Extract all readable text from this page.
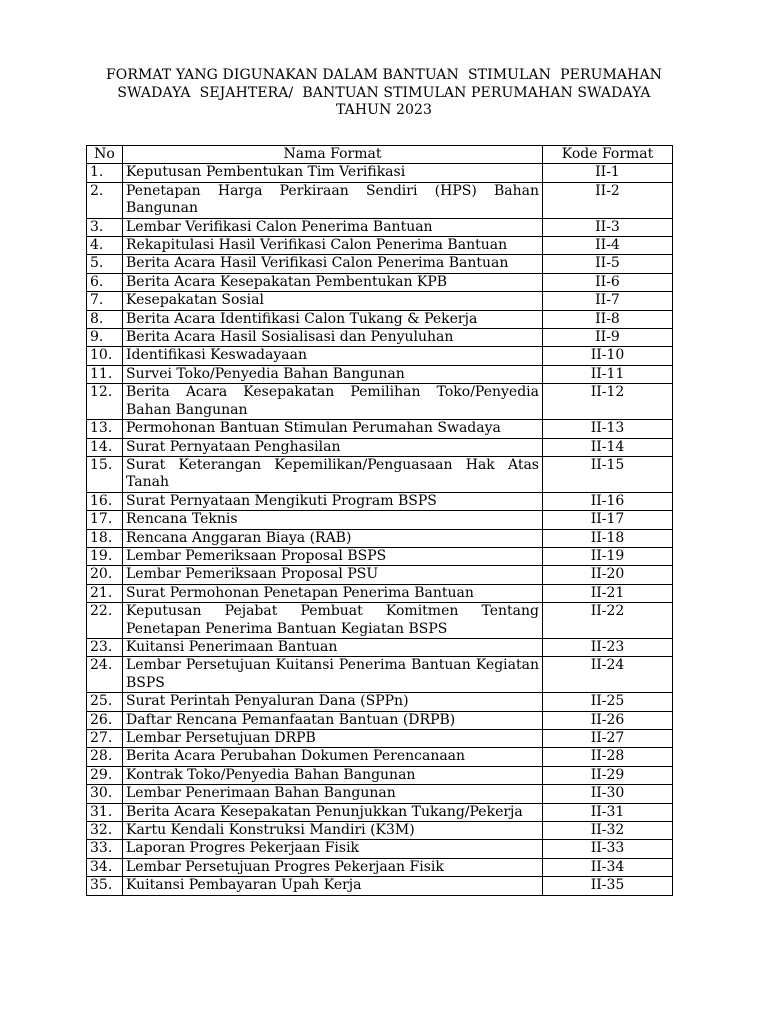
FORMAT YANG DIGUNAKAN DALAM BANTUAN  STIMULAN  PERUMAHAN
SWADAYA  SEJAHTERA/  BANTUAN STIMULAN PERUMAHAN SWADAYA
TAHUN 2023
No	Nama Format	Kode Format
1.	Keputusan Pembentukan Tim Verifikasi	II-1
2.	Penetapan Harga Perkiraan Sendiri (HPS) Bahan Bangunan	II-2
3.	Lembar Verifikasi Calon Penerima Bantuan	II-3
4.	Rekapitulasi Hasil Verifikasi Calon Penerima Bantuan	II-4
5.	Berita Acara Hasil Verifikasi Calon Penerima Bantuan	II-5
6.	Berita Acara Kesepakatan Pembentukan KPB	II-6
7.	Kesepakatan Sosial	II-7
8.	Berita Acara Identifikasi Calon Tukang & Pekerja	II-8
9.	Berita Acara Hasil Sosialisasi dan Penyuluhan	II-9
10.	Identifikasi Keswadayaan	II-10
11.	Survei Toko/Penyedia Bahan Bangunan	II-11
12.	Berita Acara Kesepakatan Pemilihan Toko/Penyedia Bahan Bangunan	II-12
13.	Permohonan Bantuan Stimulan Perumahan Swadaya	II-13
14.	Surat Pernyataan Penghasilan	II-14
15.	Surat Keterangan Kepemilikan/Penguasaan Hak Atas Tanah	II-15
16.	Surat Pernyataan Mengikuti Program BSPS	II-16
17.	Rencana Teknis	II-17
18.	Rencana Anggaran Biaya (RAB)	II-18
19.	Lembar Pemeriksaan Proposal BSPS	II-19
20.	Lembar Pemeriksaan Proposal PSU	II-20
21.	Surat Permohonan Penetapan Penerima Bantuan	II-21
22.	Keputusan Pejabat Pembuat Komitmen Tentang Penetapan Penerima Bantuan Kegiatan BSPS	II-22
23.	Kuitansi Penerimaan Bantuan	II-23
24.	Lembar Persetujuan Kuitansi Penerima Bantuan Kegiatan BSPS	II-24
25.	Surat Perintah Penyaluran Dana (SPPn)	II-25
26.	Daftar Rencana Pemanfaatan Bantuan (DRPB)	II-26
27.	Lembar Persetujuan DRPB	II-27
28.	Berita Acara Perubahan Dokumen Perencanaan	II-28
29.	Kontrak Toko/Penyedia Bahan Bangunan	II-29
30.	Lembar Penerimaan Bahan Bangunan	II-30
31.	Berita Acara Kesepakatan Penunjukkan Tukang/Pekerja	II-31
32.	Kartu Kendali Konstruksi Mandiri (K3M)	II-32
33.	Laporan Progres Pekerjaan Fisik	II-33
34.	Lembar Persetujuan Progres Pekerjaan Fisik	II-34
35.	Kuitansi Pembayaran Upah Kerja	II-35
